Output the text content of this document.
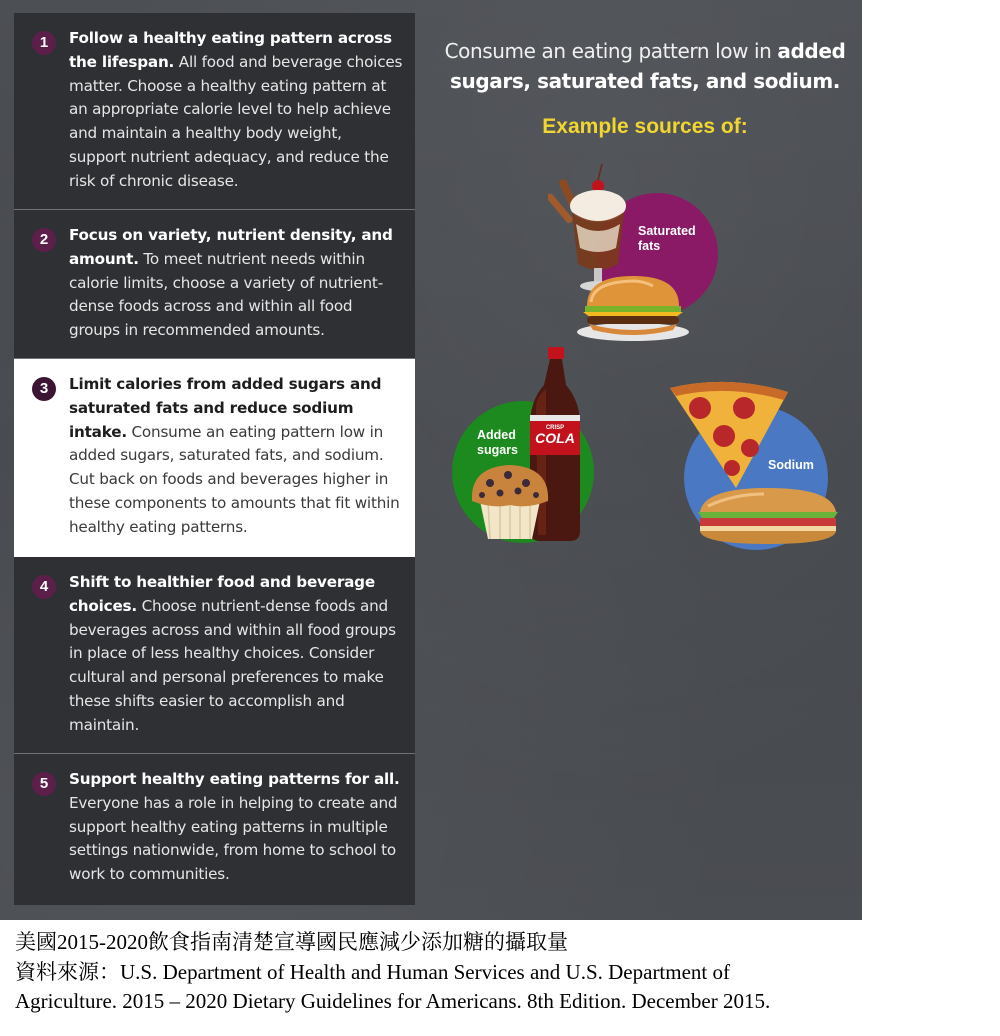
1	Follow a healthy eating pattern across the lifespan. All food and beverage choices matter. Choose a healthy eating pattern at an appropriate calorie level to help achieve and maintain a healthy body weight, support nutrient adequacy, and reduce the risk of chronic disease.

2	Focus on variety, nutrient density, and amount. To meet nutrient needs within calorie limits, choose a variety of nutrient-dense foods across and within all food groups in recommended amounts.

3	Limit calories from added sugars and saturated fats and reduce sodium intake. Consume an eating pattern low in added sugars, saturated fats, and sodium. Cut back on foods and beverages higher in these components to amounts that fit within healthy eating patterns.

4	Shift to healthier food and beverage choices. Choose nutrient-dense foods and beverages across and within all food groups in place of less healthy choices. Consider cultural and personal preferences to make these shifts easier to accomplish and maintain.

5	Support healthy eating patterns for all. Everyone has a role in helping to create and support healthy eating patterns in multiple settings nationwide, from home to school to work to communities.

Consume an eating pattern low in added sugars, saturated fats, and sodium.
Example sources of:
Saturated fats
Added sugars
COLA
CRISP
Sodium
美國2015-2020飲食指南清楚宣導國民應減少添加糖的攝取量
資料來源：U.S. Department of Health and Human Services and U.S. Department of
Agriculture. 2015 – 2020 Dietary Guidelines for Americans. 8th Edition. December 2015.
